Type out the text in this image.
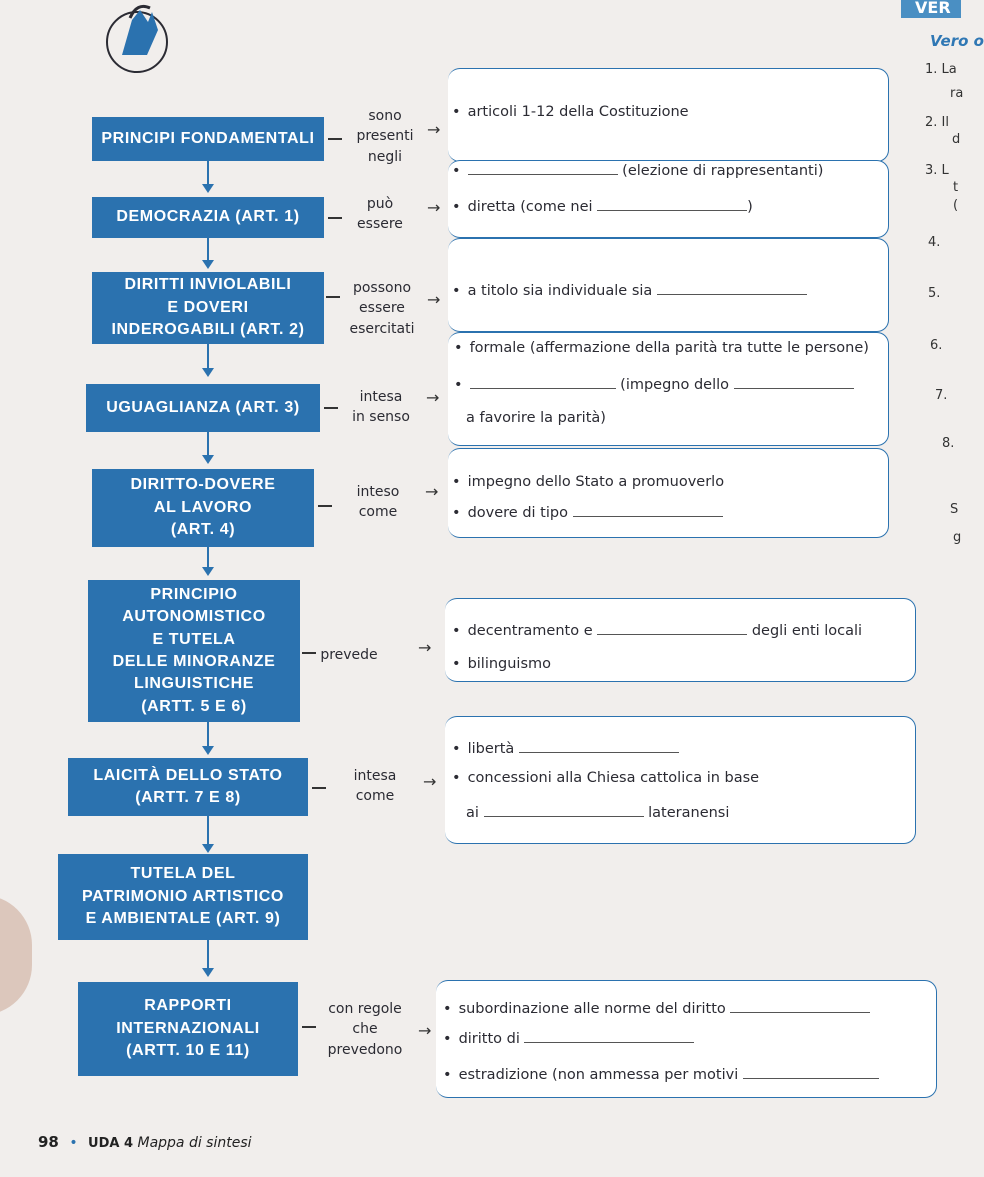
VER
Vero o
1. La
ra
2. Il
d
3. L
t
(
4.
5.
6.
7.
8.
S
g
PRINCIPI FONDAMENTALI
DEMOCRAZIA (ART. 1)
DIRITTI INVIOLABILI
E DOVERI
INDEROGABILI (ART. 2)
UGUAGLIANZA (ART. 3)
DIRITTO-DOVERE
AL LAVORO
(ART. 4)
PRINCIPIO
AUTONOMISTICO
E TUTELA
DELLE MINORANZE
LINGUISTICHE
(ARTT. 5 E 6)
LAICITÀ DELLO STATO
(ARTT. 7 E 8)
TUTELA DEL
PATRIMONIO ARTISTICO
E AMBIENTALE (ART. 9)
RAPPORTI
INTERNAZIONALI
(ARTT. 10 E 11)
sono
presenti
negli
può
essere
possono
essere
esercitati
intesa
in senso
inteso
come
prevede
intesa
come
con regole
che
prevedono
→
→
→
→
→
→
→
→
• articoli 1-12 della Costituzione
• (elezione di rappresentanti)
• diretta (come nei	)
• a titolo sia individuale sia
• formale (affermazione della parità tra tutte le persone)
• (impegno dello
a favorire la parità)
• impegno dello Stato a promuoverlo
• dovere di tipo
• decentramento e	degli enti locali
• bilinguismo
• libertà
• concessioni alla Chiesa cattolica in base
ai	lateranensi
• subordinazione alle norme del diritto
• diritto di
• estradizione (non ammessa per motivi
98 • UDA 4 Mappa di sintesi
